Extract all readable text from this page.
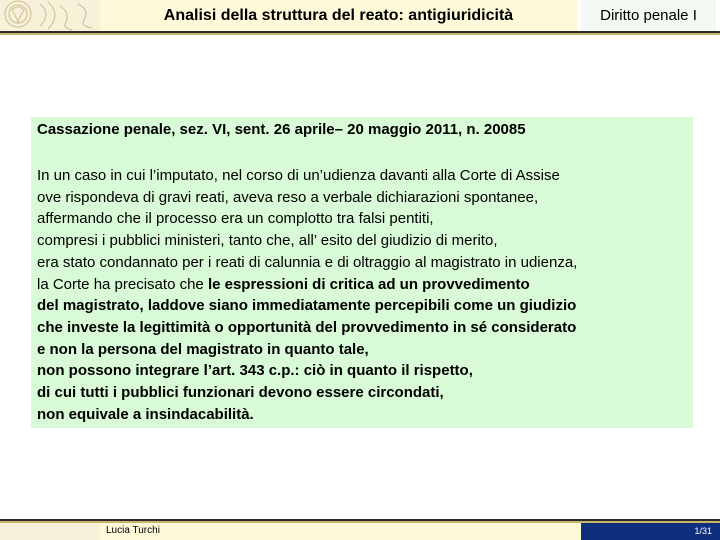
Analisi della struttura del reato: antigiuridicità	Diritto penale I

Cassazione penale, sez. VI, sent. 26 aprile– 20 maggio 2011, n. 20085

In un caso in cui l’imputato, nel corso di un’udienza davanti alla Corte di Assise
ove rispondeva di gravi reati, aveva reso a verbale dichiarazioni spontanee,
affermando che il processo era un complotto tra falsi pentiti,
compresi i pubblici ministeri, tanto che, all’ esito del giudizio di merito,
era stato condannato per i reati di calunnia e di oltraggio al magistrato in udienza,
la Corte ha precisato che le espressioni di critica ad un provvedimento
del magistrato, laddove siano immediatamente percepibili come un giudizio
che investe la legittimità o opportunità del provvedimento in sé considerato
e non la persona del magistrato in quanto tale,
non possono integrare l’art. 343 c.p.: ciò in quanto il rispetto,
di cui tutti i pubblici funzionari devono essere circondati,
non equivale a insindacabilità.

Lucia Turchi	1/31
